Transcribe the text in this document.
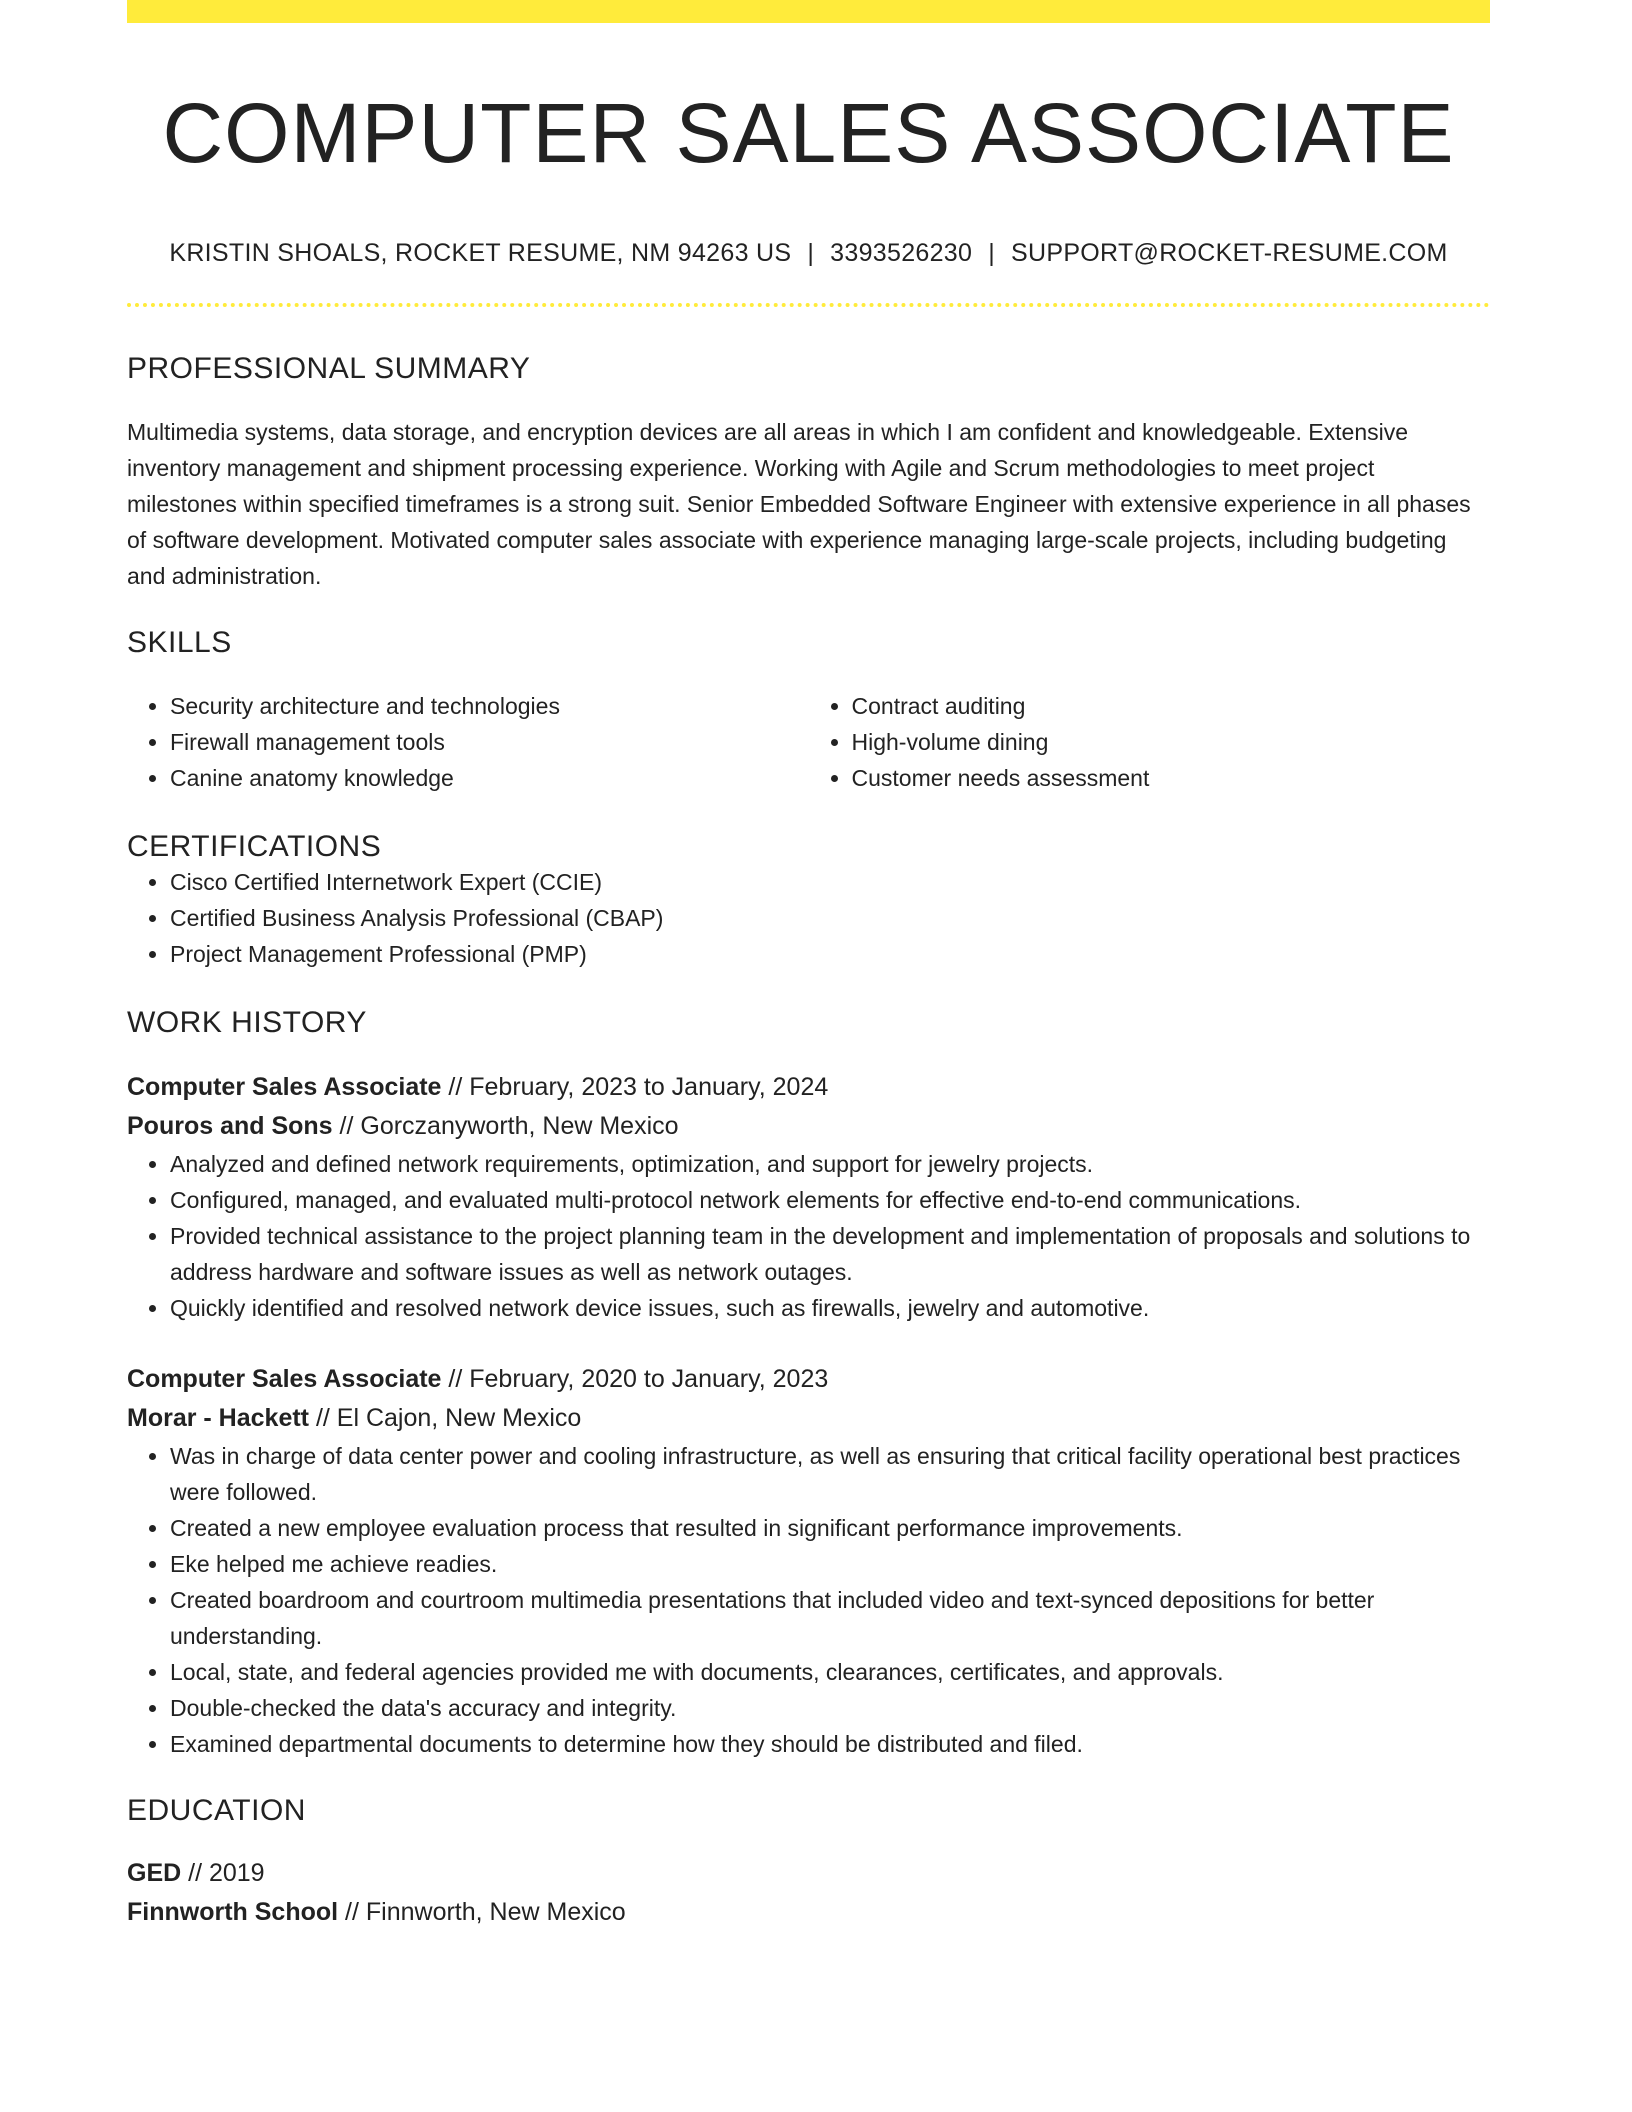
COMPUTER SALES ASSOCIATE
KRISTIN SHOALS, ROCKET RESUME, NM 94263 US | 3393526230 | SUPPORT@ROCKET-RESUME.COM
PROFESSIONAL SUMMARY

Multimedia systems, data storage, and encryption devices are all areas in which I am confident and knowledgeable. Extensive inventory management and shipment processing experience. Working with Agile and Scrum methodologies to meet project milestones within specified timeframes is a strong suit. Senior Embedded Software Engineer with extensive experience in all phases of software development. Motivated computer sales associate with experience managing large-scale projects, including budgeting and administration.

SKILLS
• Security architecture and technologies
• Firewall management tools
• Canine anatomy knowledge
• Contract auditing
• High-volume dining
• Customer needs assessment
CERTIFICATIONS
• Cisco Certified Internetwork Expert (CCIE)
• Certified Business Analysis Professional (CBAP)
• Project Management Professional (PMP)
WORK HISTORY
Computer Sales Associate // February, 2023 to January, 2024
Pouros and Sons // Gorczanyworth, New Mexico
• Analyzed and defined network requirements, optimization, and support for jewelry projects.
• Configured, managed, and evaluated multi-protocol network elements for effective end-to-end communications.
• Provided technical assistance to the project planning team in the development and implementation of proposals and solutions to address hardware and software issues as well as network outages.
• Quickly identified and resolved network device issues, such as firewalls, jewelry and automotive.
Computer Sales Associate // February, 2020 to January, 2023
Morar - Hackett // El Cajon, New Mexico
• Was in charge of data center power and cooling infrastructure, as well as ensuring that critical facility operational best practices were followed.
• Created a new employee evaluation process that resulted in significant performance improvements.
• Eke helped me achieve readies.
• Created boardroom and courtroom multimedia presentations that included video and text-synced depositions for better understanding.
• Local, state, and federal agencies provided me with documents, clearances, certificates, and approvals.
• Double-checked the data's accuracy and integrity.
• Examined departmental documents to determine how they should be distributed and filed.
EDUCATION
GED // 2019
Finnworth School // Finnworth, New Mexico
